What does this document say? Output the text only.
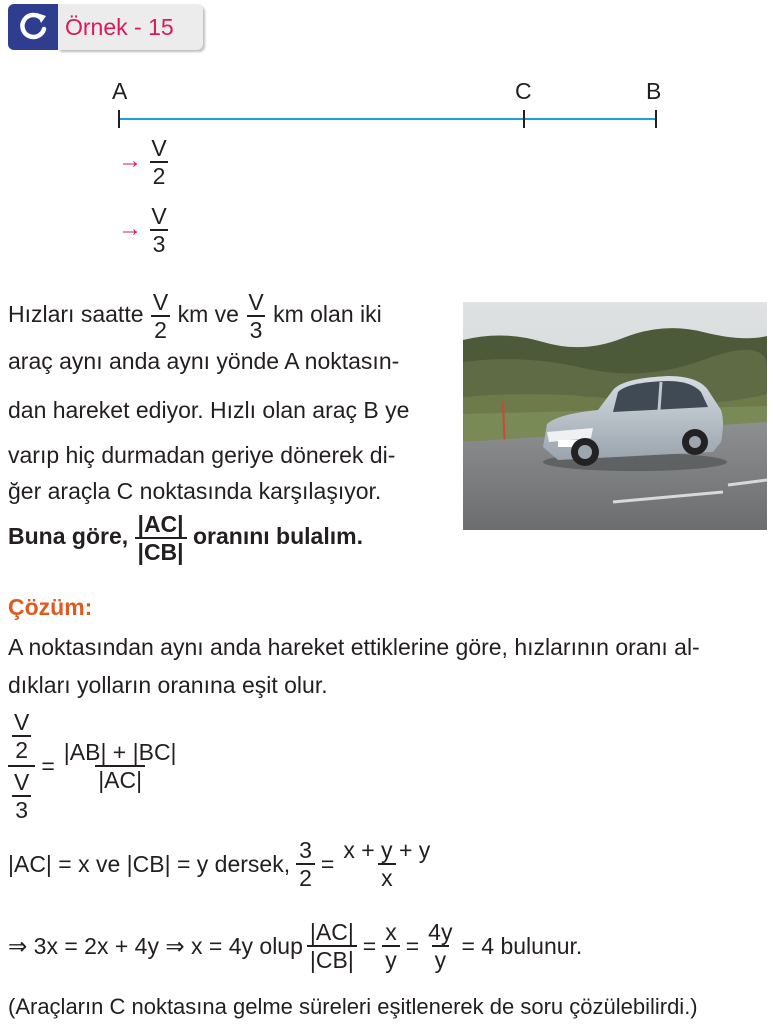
Örnek - 15
A	C	B
→ $\frac{V}{2}$
→ $\frac{V}{3}$
Hızları saatte $\frac{V}{2}$ km ve $\frac{V}{3}$ km olan iki
araç aynı anda aynı yönde A noktasın-
dan hareket ediyor. Hızlı olan araç B ye
varıp hiç durmadan geriye dönerek di-
ğer araçla C noktasında karşılaşıyor.
Buna göre, $\frac{|AC|}{|CB|}$ oranını bulalım.
Çözüm:
A noktasından aynı anda hareket ettiklerine göre, hızlarının oranı al-
dıkları yolların oranına eşit olur.
$\frac{\frac{V}{2}}{\frac{V}{3}} = \frac{|AB| + |BC|}{|AC|}$
|AC| = x ve |CB| = y dersek, $\frac{3}{2} = \frac{x + y + y}{x}$
⇒ 3x = 2x + 4y ⇒ x = 4y olup $\frac{|AC|}{|CB|} = \frac{x}{y} = \frac{4y}{y} = 4$ bulunur.
(Araçların C noktasına gelme süreleri eşitlenerek de soru çözülebilirdi.)
